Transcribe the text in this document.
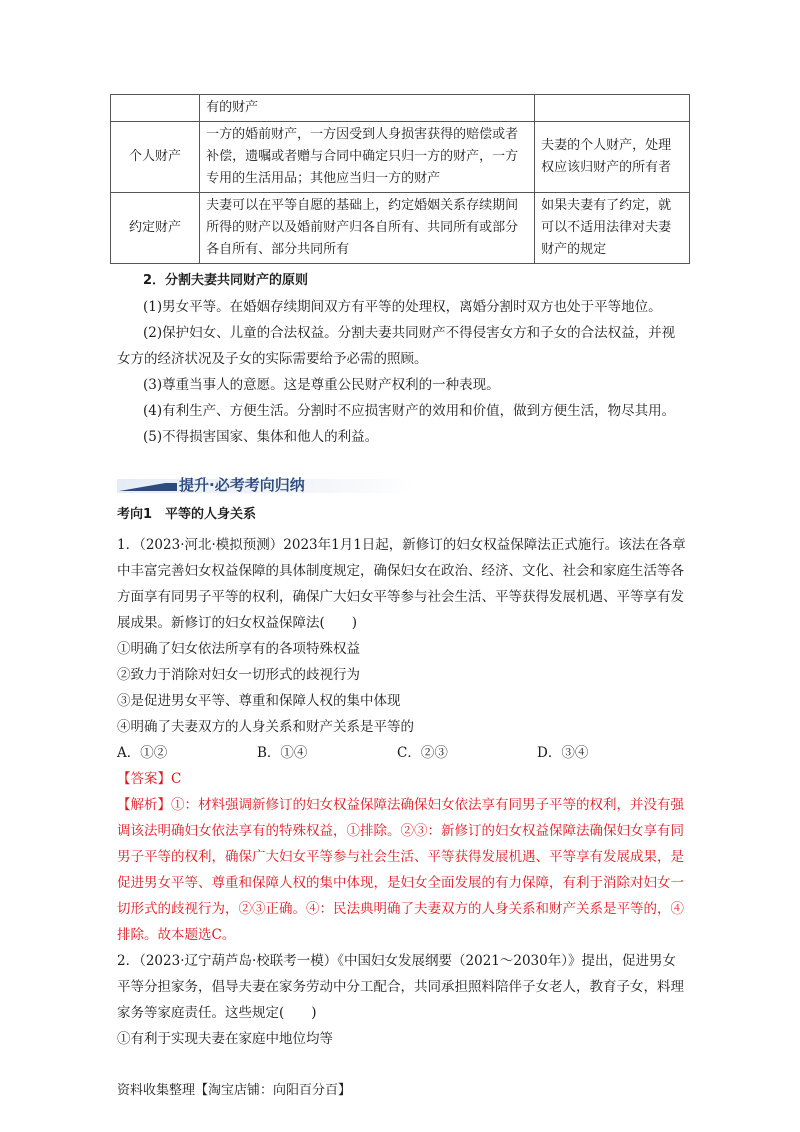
	有的财产	
个人财产	一方的婚前财产，一方因受到人身损害获得的赔偿或者补偿，遗嘱或者赠与合同中确定只归一方的财产，一方专用的生活用品；其他应当归一方的财产	夫妻的个人财产，处理权应该归财产的所有者
约定财产	夫妻可以在平等自愿的基础上，约定婚姻关系存续期间所得的财产以及婚前财产归各自所有、共同所有或部分各自所有、部分共同所有	如果夫妻有了约定，就可以不适用法律对夫妻财产的规定
2．分割夫妻共同财产的原则
(1)男女平等。在婚姻存续期间双方有平等的处理权，离婚分割时双方也处于平等地位。
(2)保护妇女、儿童的合法权益。分割夫妻共同财产不得侵害女方和子女的合法权益，并视女方的经济状况及子女的实际需要给予必需的照顾。
(3)尊重当事人的意愿。这是尊重公民财产权利的一种表现。
(4)有利生产、方便生活。分割时不应损害财产的效用和价值，做到方便生活，物尽其用。
(5)不得损害国家、集体和他人的利益。
提升·必考考向归纳
考向1　平等的人身关系
1．（2023·河北·模拟预测）2023年1月1日起，新修订的妇女权益保障法正式施行。该法在各章中丰富完善妇女权益保障的具体制度规定，确保妇女在政治、经济、文化、社会和家庭生活等各方面享有同男子平等的权利，确保广大妇女平等参与社会生活、平等获得发展机遇、平等享有发展成果。新修订的妇女权益保障法(　　)
①明确了妇女依法所享有的各项特殊权益
②致力于消除对妇女一切形式的歧视行为
③是促进男女平等、尊重和保障人权的集中体现
④明确了夫妻双方的人身关系和财产关系是平等的
A．①②	B．①④	C．②③	D．③④
【答案】C
【解析】①：材料强调新修订的妇女权益保障法确保妇女依法享有同男子平等的权利，并没有强调该法明确妇女依法享有的特殊权益，①排除。②③：新修订的妇女权益保障法确保妇女享有同男子平等的权利，确保广大妇女平等参与社会生活、平等获得发展机遇、平等享有发展成果，是促进男女平等、尊重和保障人权的集中体现，是妇女全面发展的有力保障，有利于消除对妇女一切形式的歧视行为，②③正确。④：民法典明确了夫妻双方的人身关系和财产关系是平等的，④排除。故本题选C。
2．（2023·辽宁葫芦岛·校联考一模）《中国妇女发展纲要（2021～2030年）》提出，促进男女平等分担家务，倡导夫妻在家务劳动中分工配合，共同承担照料陪伴子女老人，教育子女，料理家务等家庭责任。这些规定(　　)
①有利于实现夫妻在家庭中地位均等
资料收集整理【淘宝店铺：向阳百分百】
